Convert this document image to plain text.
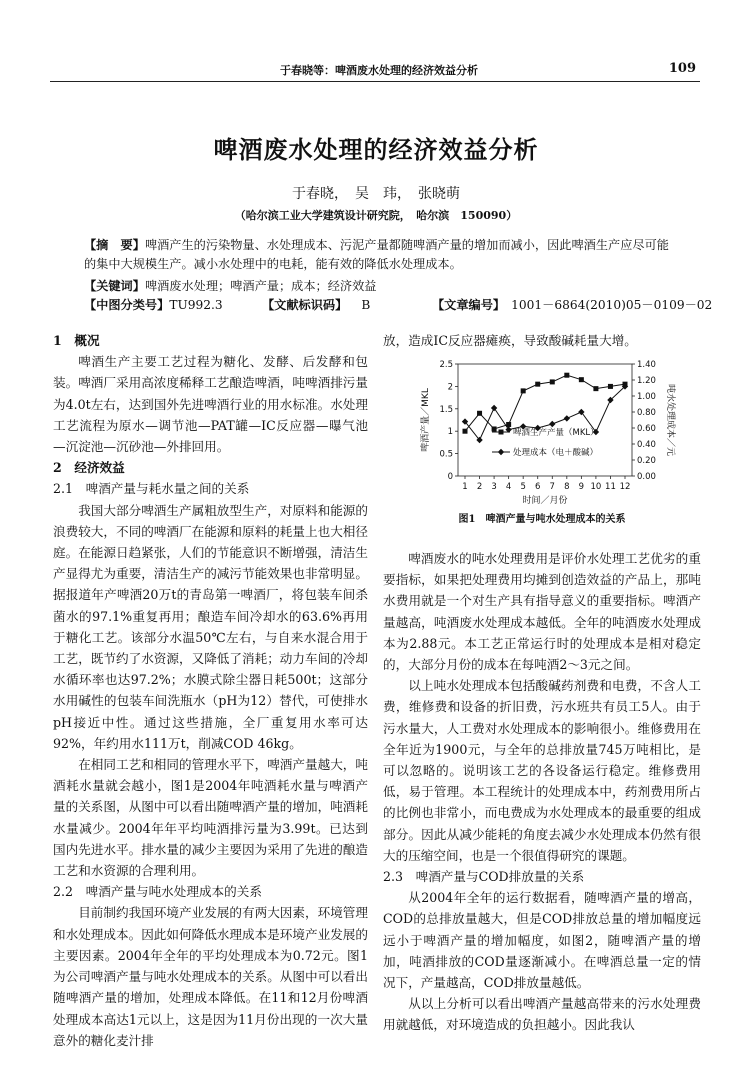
于春晓等：啤酒废水处理的经济效益分析	109
啤酒废水处理的经济效益分析
于春晓，　吴　玮，　张晓萌
（哈尔滨工业大学建筑设计研究院，　哈尔滨　150090）
【摘　要】啤酒产生的污染物量、水处理成本、污泥产量都随啤酒产量的增加而减小，因此啤酒生产应尽可能的集中大规模生产。减小水处理中的电耗，能有效的降低水处理成本。
【关键词】啤酒废水处理；啤酒产量；成本；经济效益
【中图分类号】TU992.3	【文献标识码】 B	【文章编号】 1001－6864(2010)05－0109－02
1　概况

啤酒生产主要工艺过程为糖化、发酵、后发酵和包装。啤酒厂采用高浓度稀释工艺酿造啤酒，吨啤酒排污量为4.0t左右，达到国外先进啤酒行业的用水标准。水处理工艺流程为原水—调节池—PAT罐—IC反应器—曝气池—沉淀池—沉砂池—外排回用。

2　经济效益
2.1　啤酒产量与耗水量之间的关系

我国大部分啤酒生产属粗放型生产，对原料和能源的浪费较大，不同的啤酒厂在能源和原料的耗量上也大相径庭。在能源日趋紧张，人们的节能意识不断增强，清洁生产显得尤为重要，清洁生产的减污节能效果也非常明显。据报道年产啤酒20万t的青岛第一啤酒厂，将包装车间杀菌水的97.1%重复再用；酿造车间冷却水的63.6%再用于糖化工艺。该部分水温50℃左右，与自来水混合用于工艺，既节约了水资源，又降低了消耗；动力车间的冷却水循环率也达97.2%；水膜式除尘器日耗500t；这部分水用碱性的包装车间洗瓶水（pH为12）替代，可使排水pH接近中性。通过这些措施，全厂重复用水率可达92%，年约用水111万t，削减COD 46kg。

在相同工艺和相同的管理水平下，啤酒产量越大，吨酒耗水量就会越小，图1是2004年吨酒耗水量与啤酒产量的关系图，从图中可以看出随啤酒产量的增加，吨酒耗水量减少。2004年年平均吨酒排污量为3.99t。已达到国内先进水平。排水量的减少主要因为采用了先进的酿造工艺和水资源的合理利用。

2.2　啤酒产量与吨水处理成本的关系

目前制约我国环境产业发展的有两大因素，环境管理和水处理成本。因此如何降低水理成本是环境产业发展的主要因素。2004年全年的平均处理成本为0.72元。图1为公司啤酒产量与吨水处理成本的关系。从图中可以看出随啤酒产量的增加，处理成本降低。在11和12月份啤酒处理成本高达1元以上，这是因为11月份出现的一次大量意外的糖化麦汁排

放，造成IC反应器瘫痪，导致酸碱耗量大增。

0
0.5
1
1.5
2
2.5
0.00
0.20
0.40
0.60
0.80
1.00
1.20
1.40
1 2 3 4 5 6 7 8 9 10 11 12
时间／月份
啤酒产量／MKL	吨水处理成本／元
啤酒生产产量（MKL）
处理成本（电＋酸碱）
图1　啤酒产量与吨水处理成本的关系

啤酒废水的吨水处理费用是评价水处理工艺优劣的重要指标，如果把处理费用均摊到创造效益的产品上，那吨水费用就是一个对生产具有指导意义的重要指标。啤酒产量越高，吨酒废水处理成本越低。全年的吨酒废水处理成本为2.88元。本工艺正常运行时的处理成本是相对稳定的，大部分月份的成本在每吨酒2～3元之间。

以上吨水处理成本包括酸碱药剂费和电费，不含人工费，维修费和设备的折旧费，污水班共有员工5人。由于污水量大，人工费对水处理成本的影响很小。维修费用在全年近为1900元，与全年的总排放量745万吨相比，是可以忽略的。说明该工艺的各设备运行稳定。维修费用低，易于管理。本工程统计的处理成本中，药剂费用所占的比例也非常小，而电费成为水处理成本的最重要的组成部分。因此从减少能耗的角度去减少水处理成本仍然有很大的压缩空间，也是一个很值得研究的课题。

2.3　啤酒产量与COD排放量的关系

从2004年全年的运行数据看，随啤酒产量的增高，COD的总排放量越大，但是COD排放总量的增加幅度远远小于啤酒产量的增加幅度，如图2，随啤酒产量的增加，吨酒排放的COD量逐渐减小。在啤酒总量一定的情况下，产量越高，COD排放量越低。

从以上分析可以看出啤酒产量越高带来的污水处理费用就越低，对环境造成的负担越小。因此我认
